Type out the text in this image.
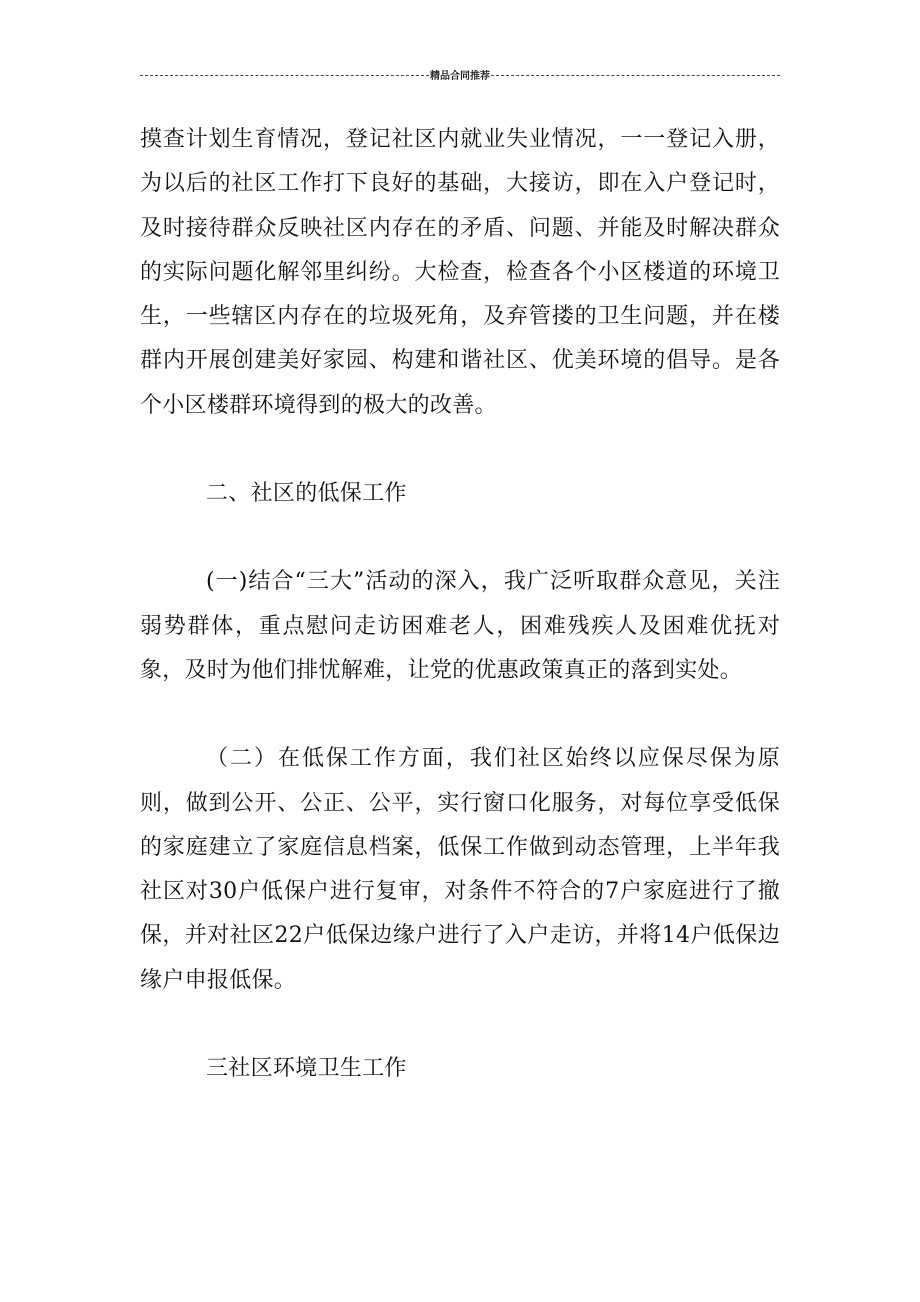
精品合同推荐

摸查计划生育情况，登记社区内就业失业情况，一一登记入册，为以后的社区工作打下良好的基础，大接访，即在入户登记时，及时接待群众反映社区内存在的矛盾、问题、并能及时解决群众的实际问题化解邻里纠纷。大检查，检查各个小区楼道的环境卫生，一些辖区内存在的垃圾死角，及弃管搂的卫生问题，并在楼群内开展创建美好家园、构建和谐社区、优美环境的倡导。是各个小区楼群环境得到的极大的改善。

二、社区的低保工作

(一)结合“三大”活动的深入，我广泛听取群众意见，关注弱势群体，重点慰问走访困难老人，困难残疾人及困难优抚对象，及时为他们排忧解难，让党的优惠政策真正的落到实处。

（二）在低保工作方面，我们社区始终以应保尽保为原则，做到公开、公正、公平，实行窗口化服务，对每位享受低保的家庭建立了家庭信息档案，低保工作做到动态管理，上半年我社区对30户低保户进行复审，对条件不符合的7户家庭进行了撤保，并对社区22户低保边缘户进行了入户走访，并将14户低保边缘户申报低保。

三社区环境卫生工作
